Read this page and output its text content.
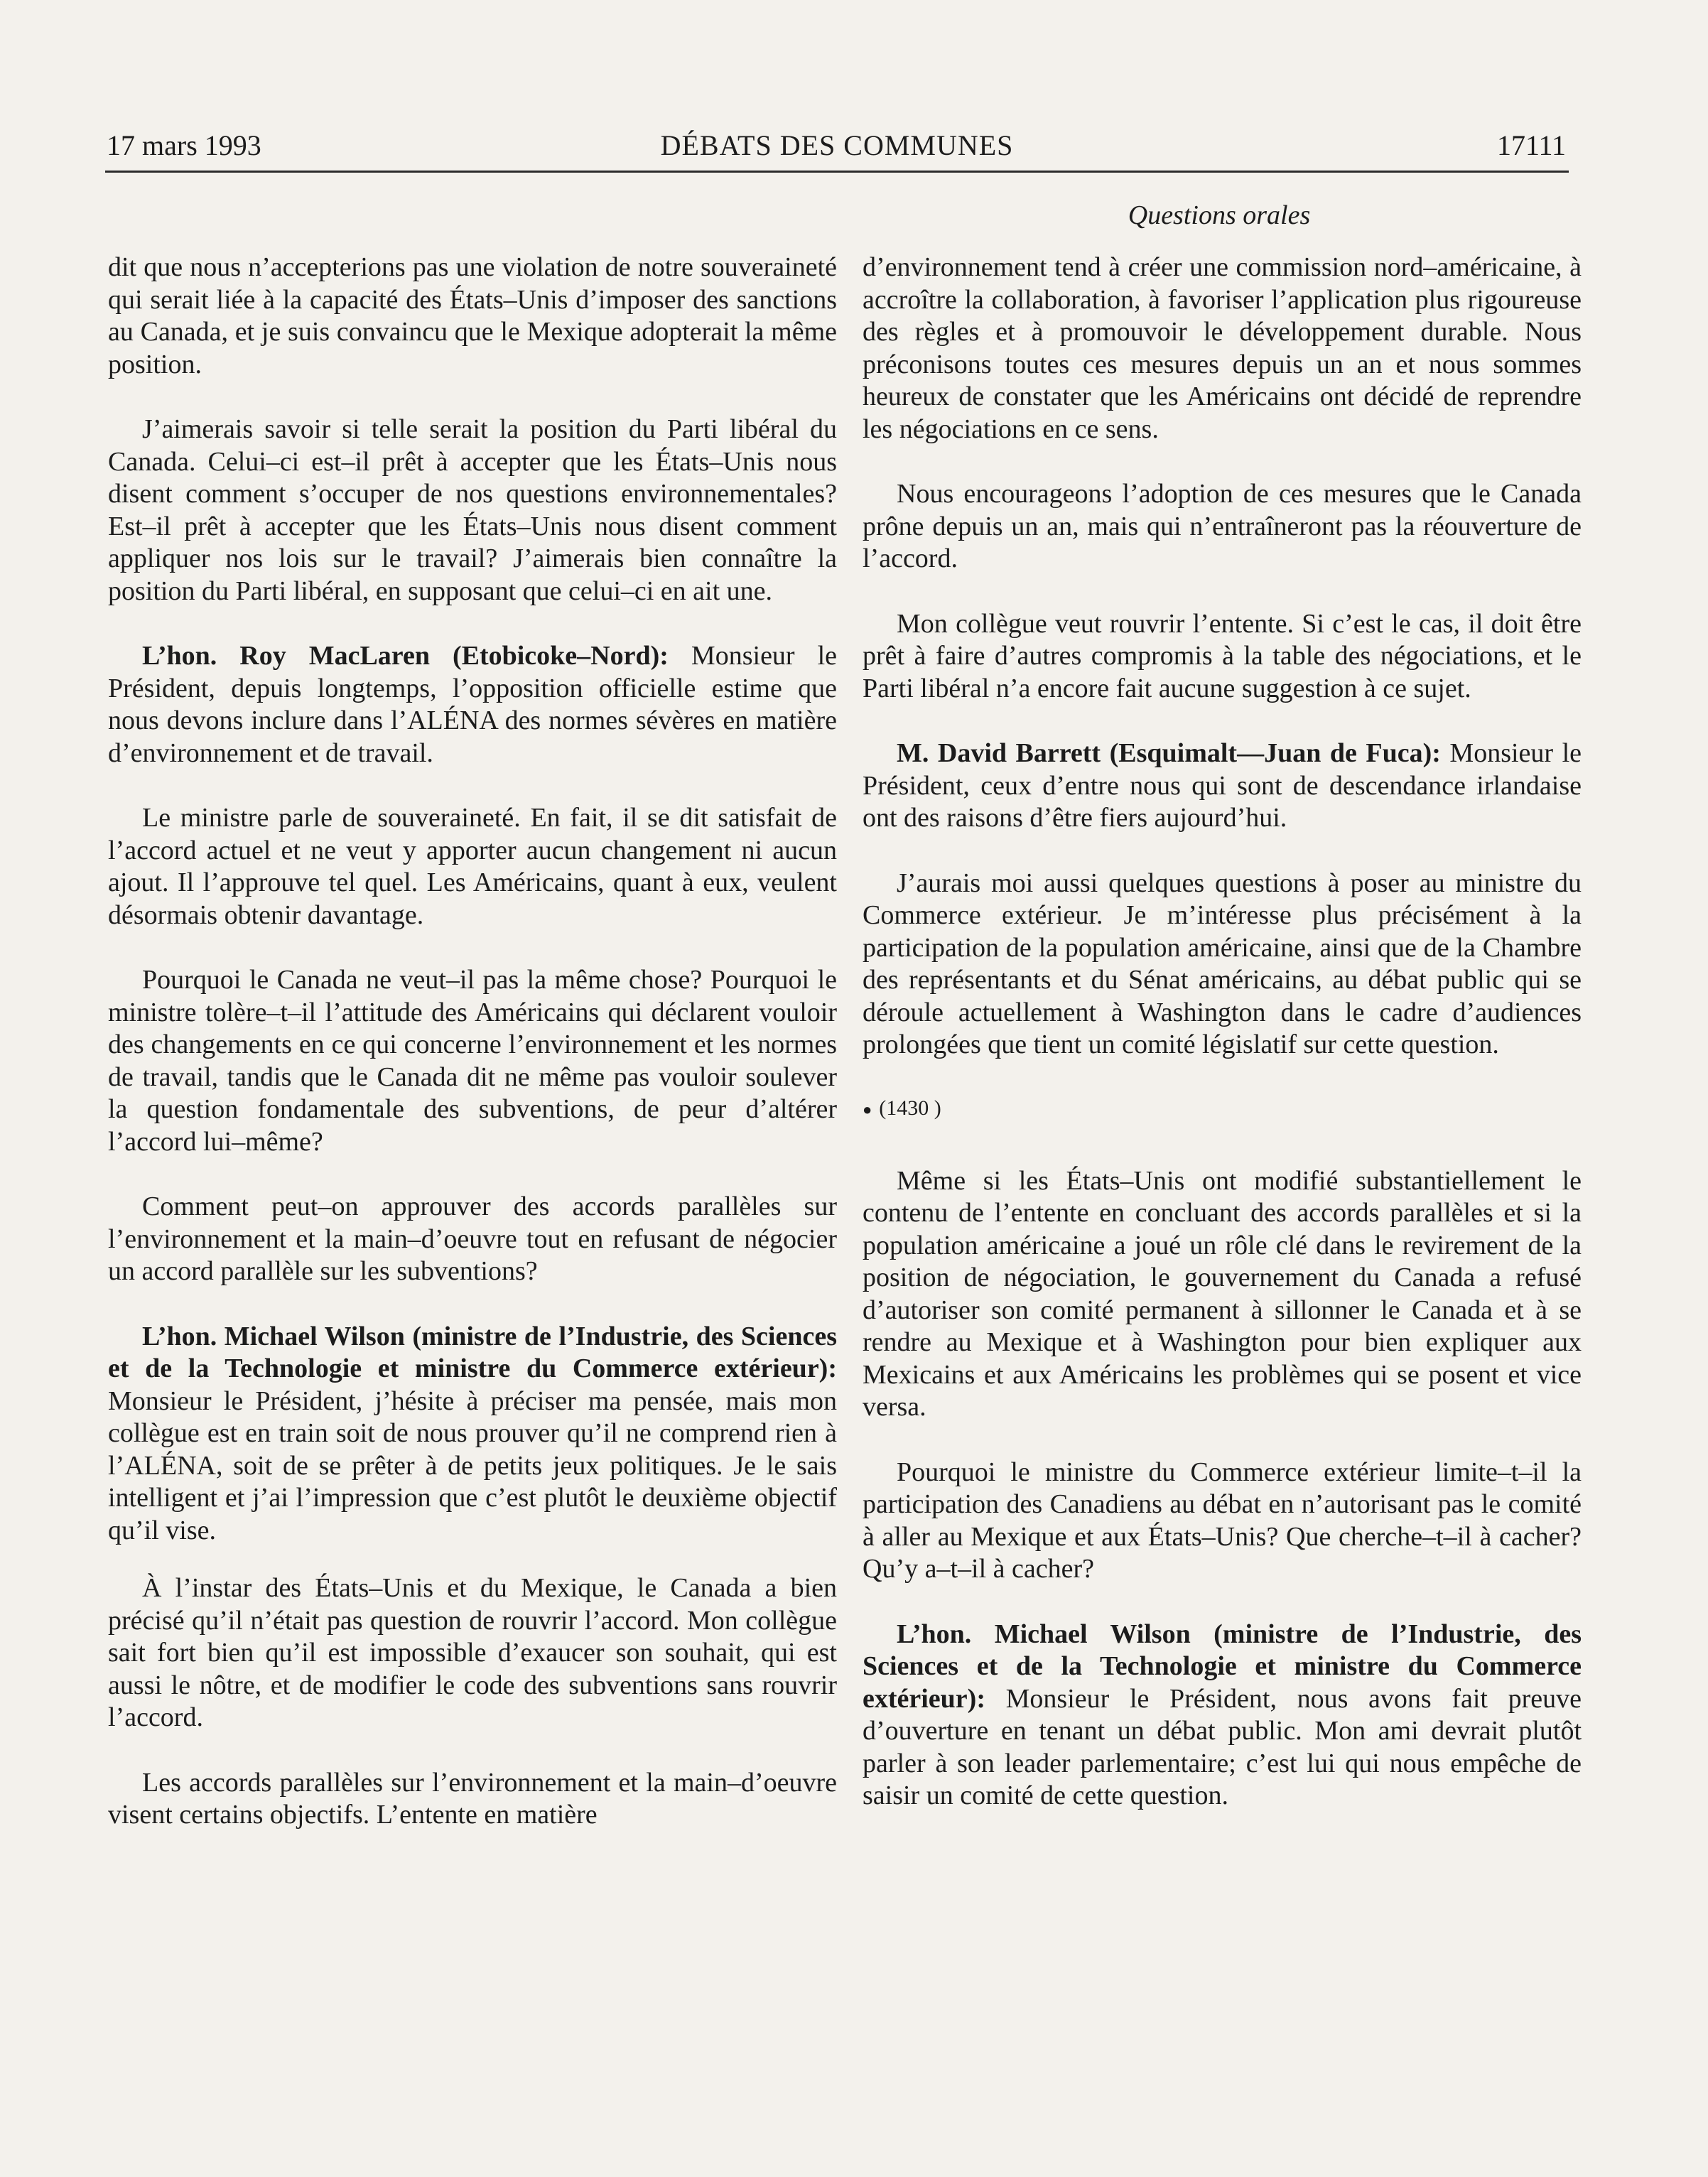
17 mars 1993	DÉBATS DES COMMUNES	17111
Questions orales

dit que nous n’accepterions pas une violation de notre souveraineté qui serait liée à la capacité des États–Unis d’imposer des sanctions au Canada, et je suis convaincu que le Mexique adopterait la même position.

J’aimerais savoir si telle serait la position du Parti libéral du Canada. Celui–ci est–il prêt à accepter que les États–Unis nous disent comment s’occuper de nos questions environnementales? Est–il prêt à accepter que les États–Unis nous disent comment appliquer nos lois sur le travail? J’aimerais bien connaître la position du Parti libéral, en supposant que celui–ci en ait une.

L’hon. Roy MacLaren (Etobicoke–Nord): Monsieur le Président, depuis longtemps, l’opposition officielle estime que nous devons inclure dans l’ALÉNA des normes sévères en matière d’environnement et de travail.

Le ministre parle de souveraineté. En fait, il se dit satisfait de l’accord actuel et ne veut y apporter aucun changement ni aucun ajout. Il l’approuve tel quel. Les Américains, quant à eux, veulent désormais obtenir davantage.

Pourquoi le Canada ne veut–il pas la même chose? Pourquoi le ministre tolère–t–il l’attitude des Américains qui déclarent vouloir des changements en ce qui concerne l’environnement et les normes de travail, tandis que le Canada dit ne même pas vouloir soulever la question fondamentale des subventions, de peur d’altérer l’accord lui–même?

Comment peut–on approuver des accords parallèles sur l’environnement et la main–d’oeuvre tout en refusant de négocier un accord parallèle sur les subventions?

L’hon. Michael Wilson (ministre de l’Industrie, des Sciences et de la Technologie et ministre du Commerce extérieur): Monsieur le Président, j’hésite à préciser ma pensée, mais mon collègue est en train soit de nous prouver qu’il ne comprend rien à l’ALÉNA, soit de se prêter à de petits jeux politiques. Je le sais intelligent et j’ai l’impression que c’est plutôt le deuxième objectif qu’il vise.

À l’instar des États–Unis et du Mexique, le Canada a bien précisé qu’il n’était pas question de rouvrir l’accord. Mon collègue sait fort bien qu’il est impossible d’exaucer son souhait, qui est aussi le nôtre, et de modifier le code des subventions sans rouvrir l’accord.

Les accords parallèles sur l’environnement et la main–d’oeuvre visent certains objectifs. L’entente en matière

d’environnement tend à créer une commission nord–américaine, à accroître la collaboration, à favoriser l’application plus rigoureuse des règles et à promouvoir le développement durable. Nous préconisons toutes ces mesures depuis un an et nous sommes heureux de constater que les Américains ont décidé de reprendre les négociations en ce sens.

Nous encourageons l’adoption de ces mesures que le Canada prône depuis un an, mais qui n’entraîneront pas la réouverture de l’accord.

Mon collègue veut rouvrir l’entente. Si c’est le cas, il doit être prêt à faire d’autres compromis à la table des négociations, et le Parti libéral n’a encore fait aucune suggestion à ce sujet.

M. David Barrett (Esquimalt—Juan de Fuca): Monsieur le Président, ceux d’entre nous qui sont de descendance irlandaise ont des raisons d’être fiers aujourd’hui.

J’aurais moi aussi quelques questions à poser au ministre du Commerce extérieur. Je m’intéresse plus précisément à la participation de la population américaine, ainsi que de la Chambre des représentants et du Sénat américains, au débat public qui se déroule actuellement à Washington dans le cadre d’audiences prolongées que tient un comité législatif sur cette question.

● (1430 )

Même si les États–Unis ont modifié substantiellement le contenu de l’entente en concluant des accords parallèles et si la population américaine a joué un rôle clé dans le revirement de la position de négociation, le gouvernement du Canada a refusé d’autoriser son comité permanent à sillonner le Canada et à se rendre au Mexique et à Washington pour bien expliquer aux Mexicains et aux Américains les problèmes qui se posent et vice versa.

Pourquoi le ministre du Commerce extérieur limite–t–il la participation des Canadiens au débat en n’autorisant pas le comité à aller au Mexique et aux États–Unis? Que cherche–t–il à cacher? Qu’y a–t–il à cacher?

L’hon. Michael Wilson (ministre de l’Industrie, des Sciences et de la Technologie et ministre du Commerce extérieur): Monsieur le Président, nous avons fait preuve d’ouverture en tenant un débat public. Mon ami devrait plutôt parler à son leader parlementaire; c’est lui qui nous empêche de saisir un comité de cette question.
